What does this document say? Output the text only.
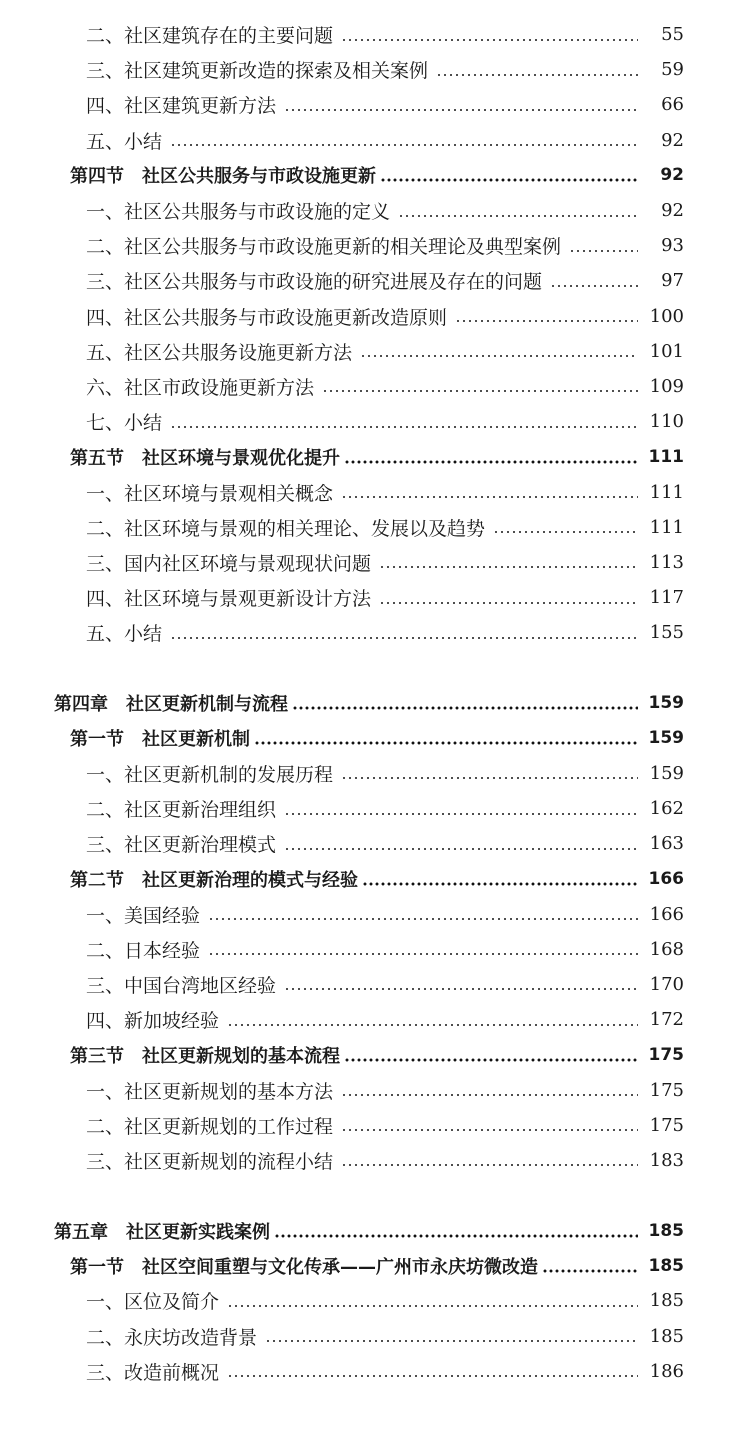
二、社区建筑存在的主要问题	55
三、社区建筑更新改造的探索及相关案例	59
四、社区建筑更新方法	66
五、小结	92
第四节　社区公共服务与市政设施更新	92
一、社区公共服务与市政设施的定义	92
二、社区公共服务与市政设施更新的相关理论及典型案例	93
三、社区公共服务与市政设施的研究进展及存在的问题	97
四、社区公共服务与市政设施更新改造原则	100
五、社区公共服务设施更新方法	101
六、社区市政设施更新方法	109
七、小结	110
第五节　社区环境与景观优化提升	111
一、社区环境与景观相关概念	111
二、社区环境与景观的相关理论、发展以及趋势	111
三、国内社区环境与景观现状问题	113
四、社区环境与景观更新设计方法	117
五、小结	155
第四章　社区更新机制与流程	159
第一节　社区更新机制	159
一、社区更新机制的发展历程	159
二、社区更新治理组织	162
三、社区更新治理模式	163
第二节　社区更新治理的模式与经验	166
一、美国经验	166
二、日本经验	168
三、中国台湾地区经验	170
四、新加坡经验	172
第三节　社区更新规划的基本流程	175
一、社区更新规划的基本方法	175
二、社区更新规划的工作过程	175
三、社区更新规划的流程小结	183
第五章　社区更新实践案例	185
第一节　社区空间重塑与文化传承——广州市永庆坊微改造	185
一、区位及简介	185
二、永庆坊改造背景	185
三、改造前概况	186
